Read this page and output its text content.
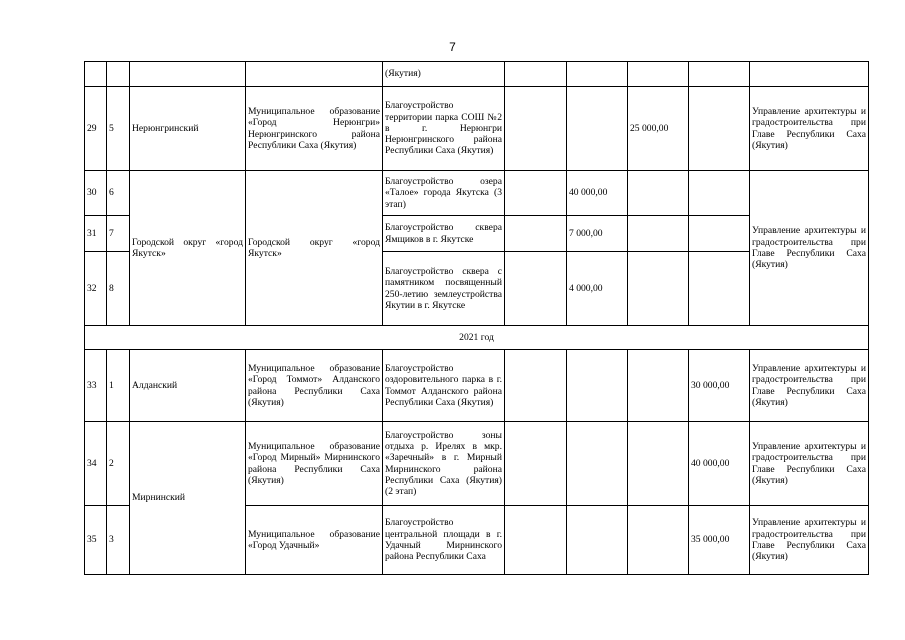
7
				(Якутия)					
29	5	Нерюнгринский	Муниципальное образование «Город Нерюнгри» Нерюнгринского района Республики Саха (Якутия)	Благоустройство территории парка СОШ №2 в г. Нерюнгри Нерюнгринского района Республики Саха (Якутия)			25 000,00		Управление архитектуры и градостроительства при Главе Республики Саха (Якутия)
30	6	Городской округ «город Якутск»	Городской округ «город Якутск»	Благоустройство озера «Талое» города Якутска (3 этап)		40 000,00			Управление архитектуры и градостроительства при Главе Республики Саха (Якутия)
31	7			Благоустройство сквера Ямщиков в г. Якутске		7 000,00			
32	8			Благоустройство сквера с памятником посвященный 250-летию землеустройства Якутии в г. Якутске		4 000,00			
2021 год									
33	1	Алданский	Муниципальное образование «Город Томмот» Алданского района Республики Саха (Якутия)	Благоустройство оздоровительного парка в г. Томмот Алданского района Республики Саха (Якутия)				30 000,00	Управление архитектуры и градостроительства при Главе Республики Саха (Якутия)
34	2	Мирнинский	Муниципальное образование «Город Мирный» Мирнинского района Республики Саха (Якутия)	Благоустройство зоны отдыха р. Ирелях в мкр. «Заречный» в г. Мирный Мирнинского района Республики Саха (Якутия) (2 этап)				40 000,00	Управление архитектуры и градостроительства при Главе Республики Саха (Якутия)
35	3		Муниципальное образование «Город Удачный»	Благоустройство центральной площади в г. Удачный Мирнинского района Республики Саха				35 000,00	Управление архитектуры и градостроительства при Главе Республики Саха (Якутия)
